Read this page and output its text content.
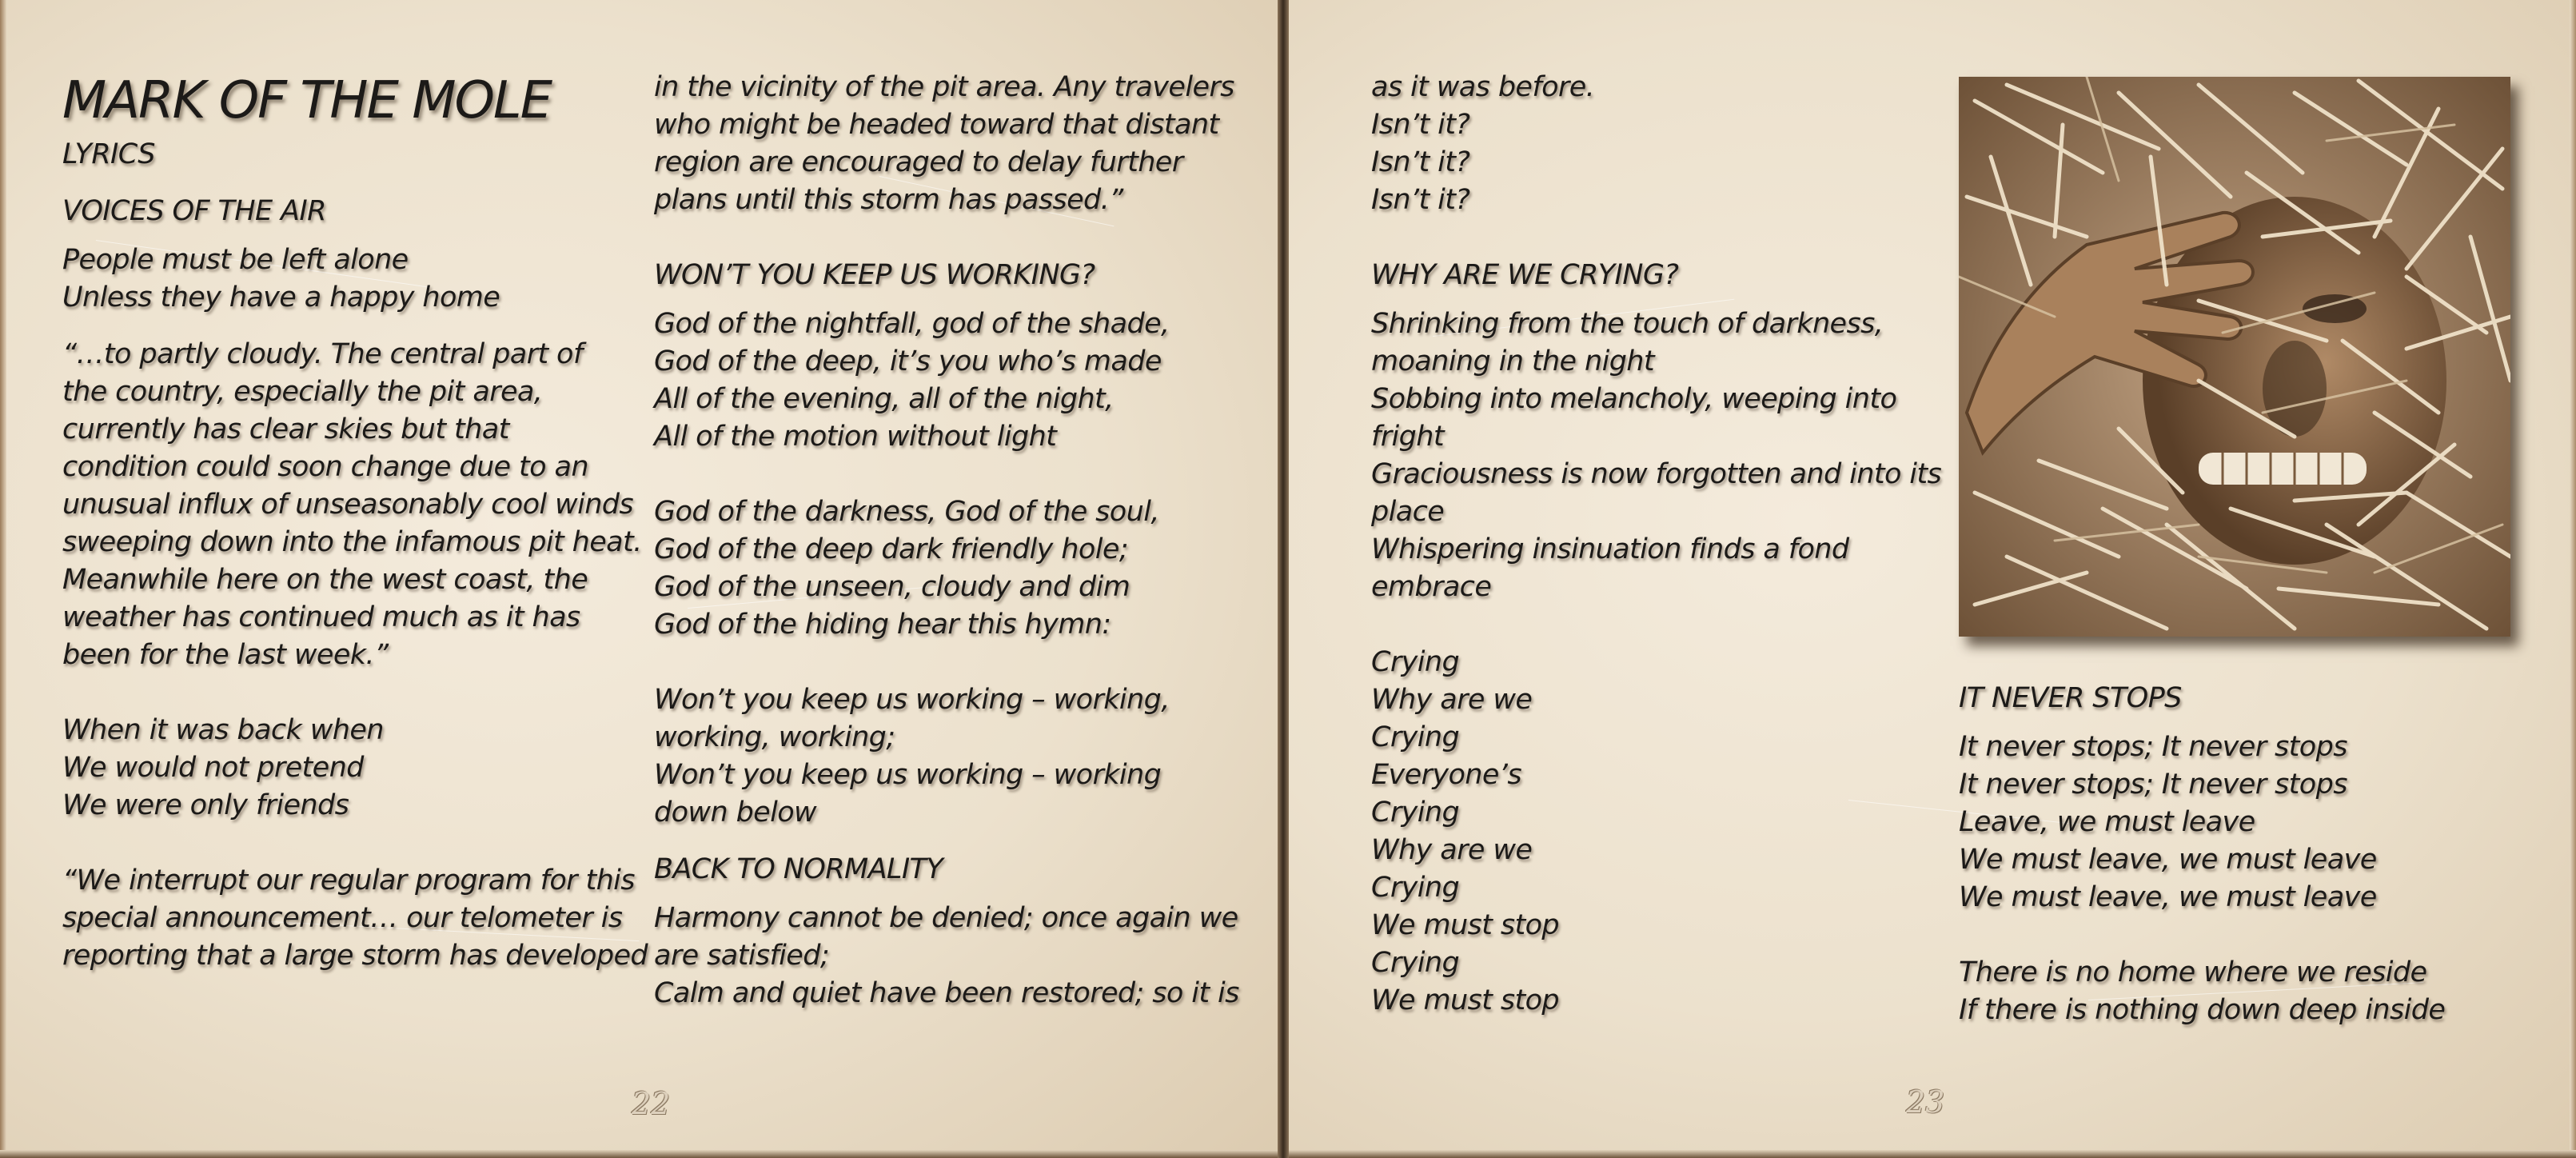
MARK OF THE MOLE
LYRICS
VOICES OF THE AIR
People must be left alone
Unless they have a happy home
“…to partly cloudy. The central part of
the country, especially the pit area,
currently has clear skies but that
condition could soon change due to an
unusual influx of unseasonably cool winds
sweeping down into the infamous pit heat.
Meanwhile here on the west coast, the
weather has continued much as it has
been for the last week.”
When it was back when
We would not pretend
We were only friends
“We interrupt our regular program for this
special announcement… our telometer is
reporting that a large storm has developed
in the vicinity of the pit area. Any travelers
who might be headed toward that distant
region are encouraged to delay further
plans until this storm has passed.”
WON’T YOU KEEP US WORKING?
God of the nightfall, god of the shade,
God of the deep, it’s you who’s made
All of the evening, all of the night,
All of the motion without light
God of the darkness, God of the soul,
God of the deep dark friendly hole;
God of the unseen, cloudy and dim
God of the hiding hear this hymn:
Won’t you keep us working – working,
working, working;
Won’t you keep us working – working
down below
BACK TO NORMALITY
Harmony cannot be denied; once again we
are satisfied;
Calm and quiet have been restored; so it is
22
as it was before.
Isn’t it?
Isn’t it?
Isn’t it?
WHY ARE WE CRYING?
Shrinking from the touch of darkness,
moaning in the night
Sobbing into melancholy, weeping into
fright
Graciousness is now forgotten and into its
place
Whispering insinuation finds a fond
embrace
Crying
Why are we
Crying
Everyone’s
Crying
Why are we
Crying
We must stop
Crying
We must stop
IT NEVER STOPS
It never stops; It never stops
It never stops; It never stops
Leave, we must leave
We must leave, we must leave
We must leave, we must leave
There is no home where we reside
If there is nothing down deep inside
23
